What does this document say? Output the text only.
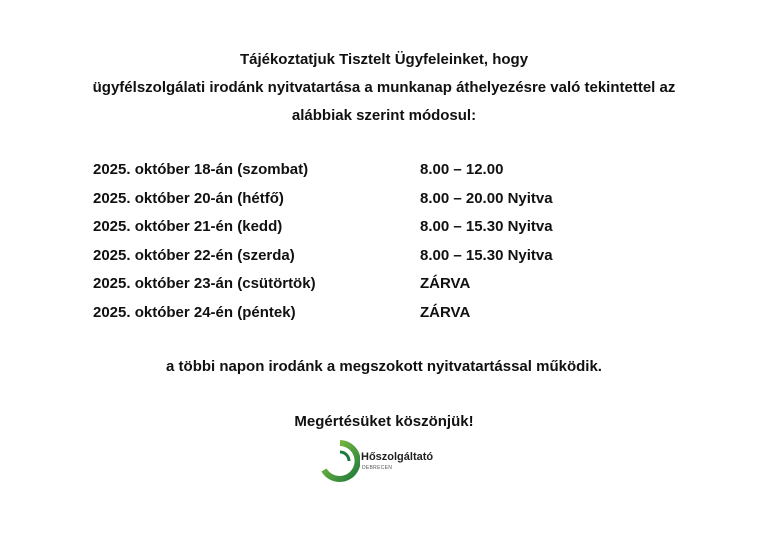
Tájékoztatjuk Tisztelt Ügyfeleinket, hogy
ügyfélszolgálati irodánk nyitvatartása a munkanap áthelyezésre való tekintettel az
alábbiak szerint módosul:
2025. október 18-án (szombat)	8.00 – 12.00
2025. október 20-án (hétfő)	8.00 – 20.00 Nyitva
2025. október 21-én (kedd)	8.00 – 15.30 Nyitva
2025. október 22-én (szerda)	8.00 – 15.30 Nyitva
2025. október 23-án (csütörtök)	ZÁRVA
2025. október 24-én (péntek)	ZÁRVA
a többi napon irodánk a megszokott nyitvatartással működik.
Megértésüket köszönjük!
Hőszolgáltató
DEBRECEN
